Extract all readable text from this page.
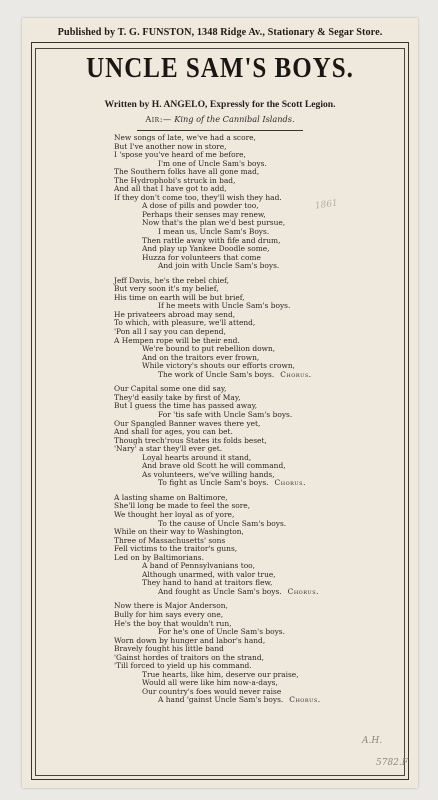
Published by T. G. FUNSTON, 1348 Ridge Av., Stationary & Segar Store.
UNCLE SAM'S BOYS.
Written by H. ANGELO, Expressly for the Scott Legion.
Air:— King of the Cannibal Islands.
New songs of late, we've had a score,
But I've another now in store,
I 'spose you've heard of me before,
I'm one of Uncle Sam's boys.
The Southern folks have all gone mad,
The Hydrophobi's struck in bad,
And all that I have got to add,
If they don't come too, they'll wish they had.
A dose of pills and powder too,
Perhaps their senses may renew,
Now that's the plan we'd best pursue,
I mean us, Uncle Sam's Boys.
Then rattle away with fife and drum,
And play up Yankee Doodle some,
Huzza for volunteers that come
And join with Uncle Sam's boys.
Jeff Davis, he's the rebel chief,
But very soon it's my belief,
His time on earth will be but brief,
If he meets with Uncle Sam's boys.
He privateers abroad may send,
To which, with pleasure, we'll attend,
'Pon all I say you can depend,
A Hempen rope will be their end.
We're bound to put rebellion down,
And on the traitors ever frown,
While victory's shouts our efforts crown,
The work of Uncle Sam's boys. Chorus.
Our Capital some one did say,
They'd easily take by first of May,
But I guess the time has passed away,
For 'tis safe with Uncle Sam's boys.
Our Spangled Banner waves there yet,
And shall for ages, you can bet.
Though trech'rous States its folds beset,
'Nary' a star they'll ever get.
Loyal hearts around it stand,
And brave old Scott he will command,
As volunteers, we've willing hands,
To fight as Uncle Sam's boys. Chorus.
A lasting shame on Baltimore,
She'll long be made to feel the sore,
We thought her loyal as of yore,
To the cause of Uncle Sam's boys.
While on their way to Washington,
Three of Massachusetts' sons
Fell victims to the traitor's guns,
Led on by Baltimorians.
A band of Pennsylvanians too,
Although unarmed, with valor true,
They hand to hand at traitors flew,
And fought as Uncle Sam's boys. Chorus.
Now there is Major Anderson,
Bully for him says every one,
He's the boy that wouldn't run,
For he's one of Uncle Sam's boys.
Worn down by hunger and labor's hand,
Bravely fought his little band
'Gainst hordes of traitors on the strand,
'Till forced to yield up his command.
True hearts, like him, deserve our praise,
Would all were like him now-a-days,
Our country's foes would never raise
A hand 'gainst Uncle Sam's boys. Chorus.
1861
A.H.
5782.F
